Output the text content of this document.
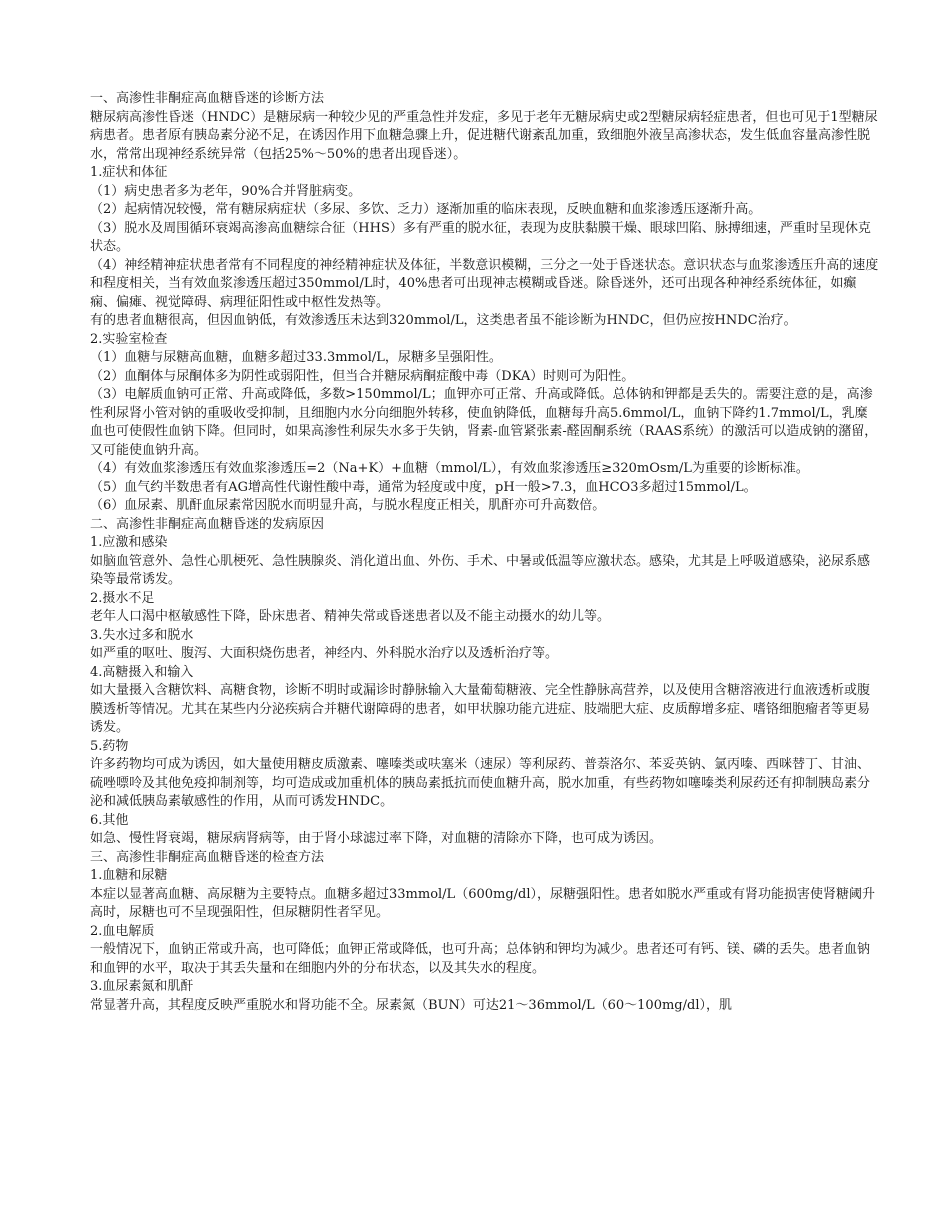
一、高渗性非酮症高血糖昏迷的诊断方法

糖尿病高渗性昏迷（HNDC）是糖尿病一种较少见的严重急性并发症，多见于老年无糖尿病史或2型糖尿病轻症患者，但也可见于1型糖尿病患者。患者原有胰岛素分泌不足，在诱因作用下血糖急骤上升，促进糖代谢紊乱加重，致细胞外液呈高渗状态，发生低血容量高渗性脱水，常常出现神经系统异常（包括25%～50%的患者出现昏迷）。

1.症状和体征

（1）病史患者多为老年，90%合并肾脏病变。

（2）起病情况较慢，常有糖尿病症状（多尿、多饮、乏力）逐渐加重的临床表现，反映血糖和血浆渗透压逐渐升高。

（3）脱水及周围循环衰竭高渗高血糖综合征（HHS）多有严重的脱水征，表现为皮肤黏膜干燥、眼球凹陷、脉搏细速，严重时呈现休克状态。

（4）神经精神症状患者常有不同程度的神经精神症状及体征，半数意识模糊，三分之一处于昏迷状态。意识状态与血浆渗透压升高的速度和程度相关，当有效血浆渗透压超过350mmol/L时，40%患者可出现神志模糊或昏迷。除昏迷外，还可出现各种神经系统体征，如癫痫、偏瘫、视觉障碍、病理征阳性或中枢性发热等。

有的患者血糖很高，但因血钠低，有效渗透压未达到320mmol/L，这类患者虽不能诊断为HNDC，但仍应按HNDC治疗。

2.实验室检查

（1）血糖与尿糖高血糖，血糖多超过33.3mmol/L，尿糖多呈强阳性。

（2）血酮体与尿酮体多为阴性或弱阳性，但当合并糖尿病酮症酸中毒（DKA）时则可为阳性。

（3）电解质血钠可正常、升高或降低，多数>150mmol/L；血钾亦可正常、升高或降低。总体钠和钾都是丢失的。需要注意的是，高渗性利尿肾小管对钠的重吸收受抑制，且细胞内水分向细胞外转移，使血钠降低，血糖每升高5.6mmol/L，血钠下降约1.7mmol/L，乳糜血也可使假性血钠下降。但同时，如果高渗性利尿失水多于失钠，肾素-血管紧张素-醛固酮系统（RAAS系统）的激活可以造成钠的潴留，又可能使血钠升高。

（4）有效血浆渗透压有效血浆渗透压=2（Na+K）+血糖（mmol/L），有效血浆渗透压≥320mOsm/L为重要的诊断标准。

（5）血气约半数患者有AG增高性代谢性酸中毒，通常为轻度或中度，pH一般>7.3，血HCO3多超过15mmol/L。

（6）血尿素、肌酐血尿素常因脱水而明显升高，与脱水程度正相关，肌酐亦可升高数倍。

二、高渗性非酮症高血糖昏迷的发病原因

1.应激和感染

如脑血管意外、急性心肌梗死、急性胰腺炎、消化道出血、外伤、手术、中暑或低温等应激状态。感染，尤其是上呼吸道感染，泌尿系感染等最常诱发。

2.摄水不足

老年人口渴中枢敏感性下降，卧床患者、精神失常或昏迷患者以及不能主动摄水的幼儿等。

3.失水过多和脱水

如严重的呕吐、腹泻、大面积烧伤患者，神经内、外科脱水治疗以及透析治疗等。

4.高糖摄入和输入

如大量摄入含糖饮料、高糖食物，诊断不明时或漏诊时静脉输入大量葡萄糖液、完全性静脉高营养，以及使用含糖溶液进行血液透析或腹膜透析等情况。尤其在某些内分泌疾病合并糖代谢障碍的患者，如甲状腺功能亢进症、肢端肥大症、皮质醇增多症、嗜铬细胞瘤者等更易诱发。

5.药物

许多药物均可成为诱因，如大量使用糖皮质激素、噻嗪类或呋塞米（速尿）等利尿药、普萘洛尔、苯妥英钠、氯丙嗪、西咪替丁、甘油、硫唑嘌呤及其他免疫抑制剂等，均可造成或加重机体的胰岛素抵抗而使血糖升高，脱水加重，有些药物如噻嗪类利尿药还有抑制胰岛素分泌和减低胰岛素敏感性的作用，从而可诱发HNDC。

6.其他

如急、慢性肾衰竭，糖尿病肾病等，由于肾小球滤过率下降，对血糖的清除亦下降，也可成为诱因。

三、高渗性非酮症高血糖昏迷的检查方法

1.血糖和尿糖

本症以显著高血糖、高尿糖为主要特点。血糖多超过33mmol/L（600mg/dl），尿糖强阳性。患者如脱水严重或有肾功能损害使肾糖阈升高时，尿糖也可不呈现强阳性，但尿糖阴性者罕见。

2.血电解质

一般情况下，血钠正常或升高，也可降低；血钾正常或降低，也可升高；总体钠和钾均为减少。患者还可有钙、镁、磷的丢失。患者血钠和血钾的水平，取决于其丢失量和在细胞内外的分布状态，以及其失水的程度。

3.血尿素氮和肌酐

常显著升高，其程度反映严重脱水和肾功能不全。尿素氮（BUN）可达21～36mmol/L（60～100mg/dl），肌
